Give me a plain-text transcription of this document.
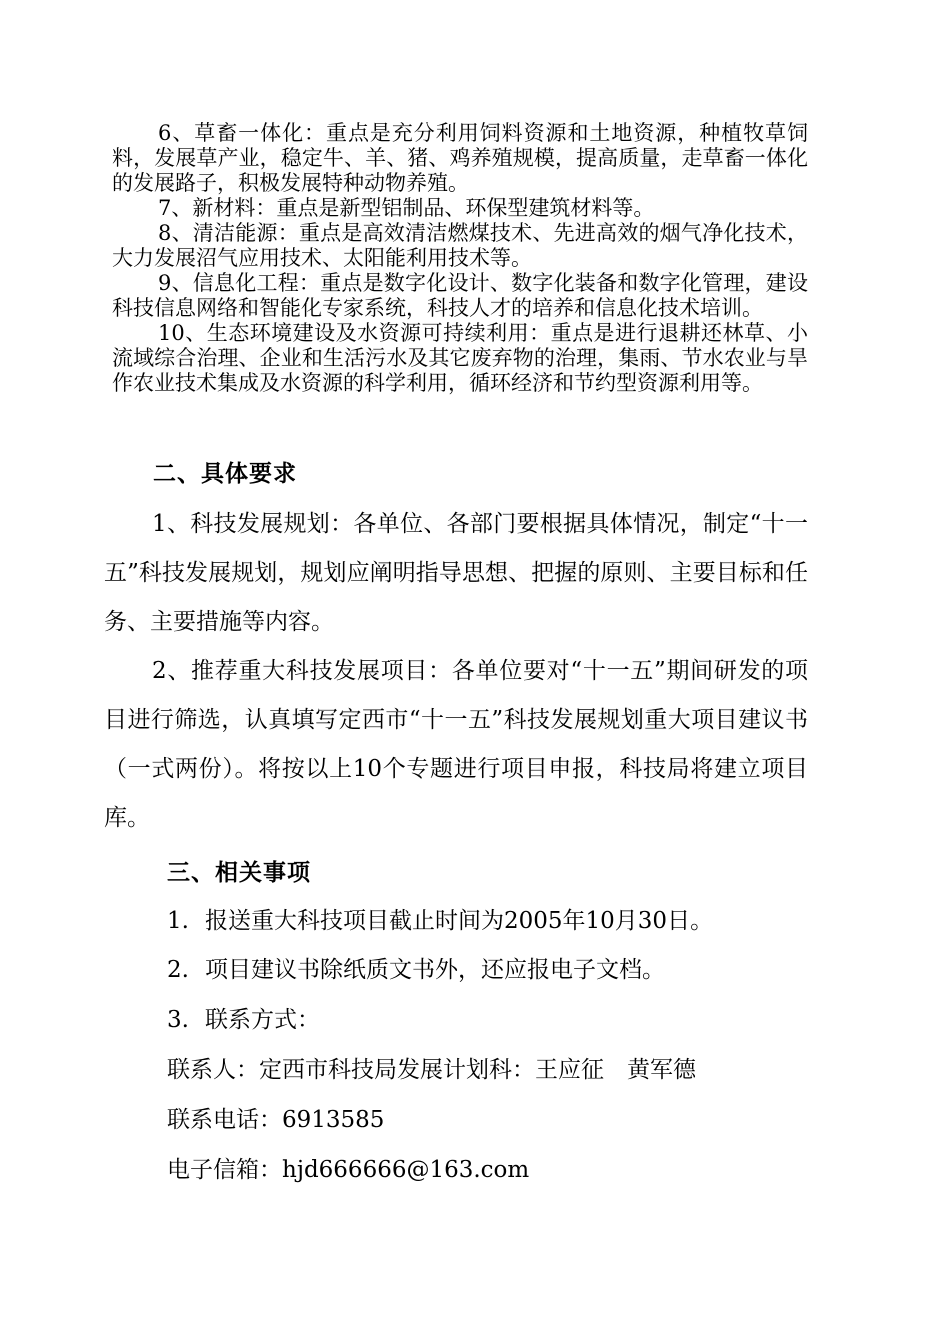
6、草畜一体化：重点是充分利用饲料资源和土地资源，种植牧草饲料，发展草产业，稳定牛、羊、猪、鸡养殖规模，提高质量，走草畜一体化的发展路子，积极发展特种动物养殖。

7、新材料：重点是新型铝制品、环保型建筑材料等。

8、清洁能源：重点是高效清洁燃煤技术、先进高效的烟气净化技术，大力发展沼气应用技术、太阳能利用技术等。

9、信息化工程：重点是数字化设计、数字化装备和数字化管理，建设科技信息网络和智能化专家系统，科技人才的培养和信息化技术培训。

10、生态环境建设及水资源可持续利用：重点是进行退耕还林草、小流域综合治理、企业和生活污水及其它废弃物的治理，集雨、节水农业与旱作农业技术集成及水资源的科学利用，循环经济和节约型资源利用等。

二、具体要求

1、科技发展规划：各单位、各部门要根据具体情况，制定“十一五”科技发展规划，规划应阐明指导思想、把握的原则、主要目标和任务、主要措施等内容。

2、推荐重大科技发展项目：各单位要对“十一五”期间研发的项目进行筛选，认真填写定西市“十一五”科技发展规划重大项目建议书（一式两份）。将按以上10个专题进行项目申报，科技局将建立项目库。

三、相关事项
1. 报送重大科技项目截止时间为2005年10月30日。
2. 项目建议书除纸质文书外，还应报电子文档。
3. 联系方式：
联系人：定西市科技局发展计划科：王应征　黄军德
联系电话：6913585
电子信箱：hjd666666@163.com
